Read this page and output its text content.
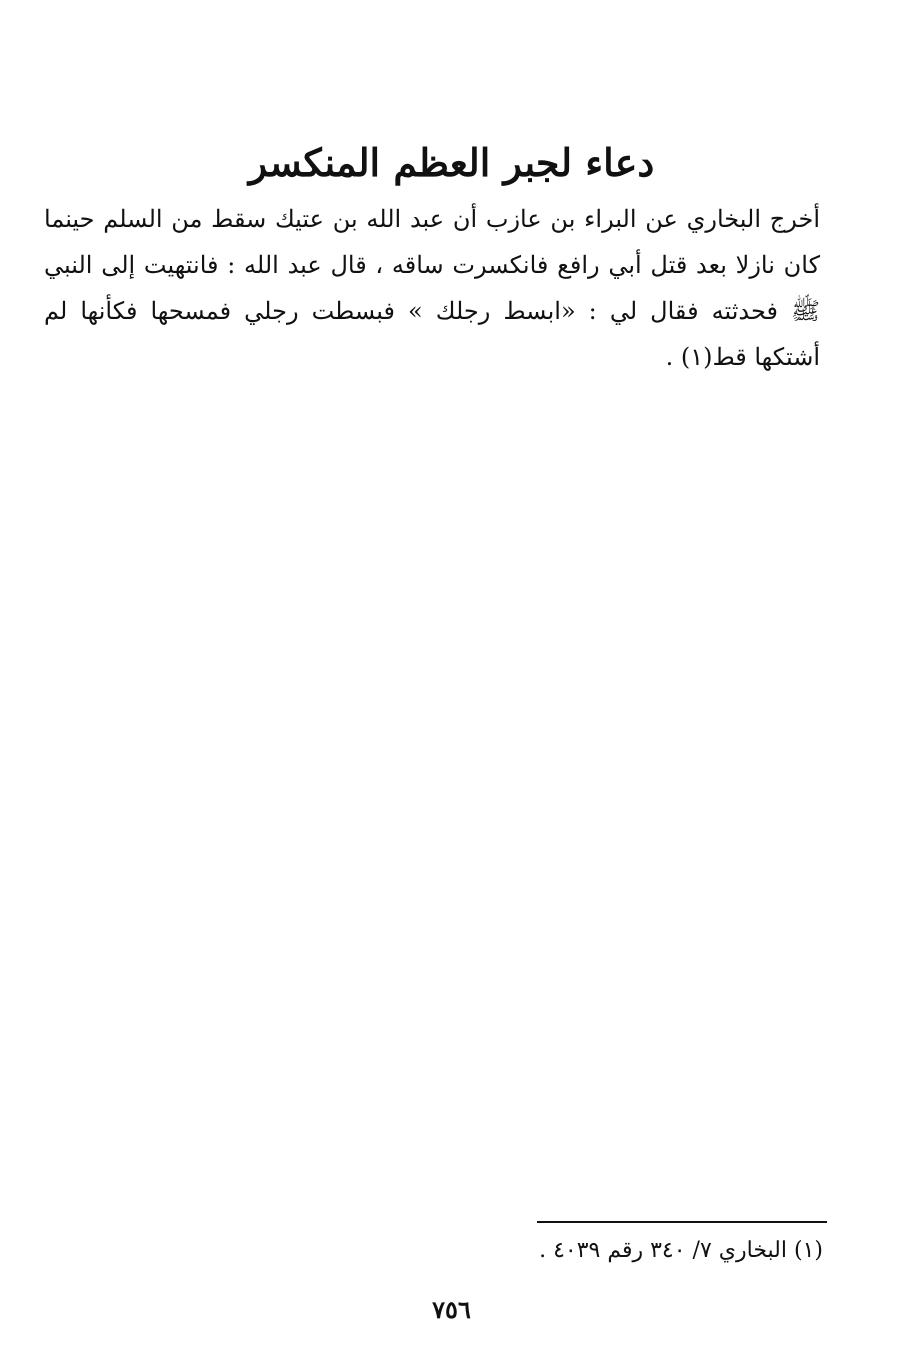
دعاء لجبر العظم المنكسر

أخرج البخاري عن البراء بن عازب أن عبد الله بن عتيك سقط من السلم حينما كان نازلا بعد قتل أبي رافع فانكسرت ساقه ، قال عبد الله : فانتهيت إلى النبي ﷺ فحدثته فقال لي : «ابسط رجلك » فبسطت رجلي فمسحها فكأنها لم أشتكها قط(١) .

(١) البخاري ٧/ ٣٤٠ رقم ٤٠٣٩ .

٧٥٦
